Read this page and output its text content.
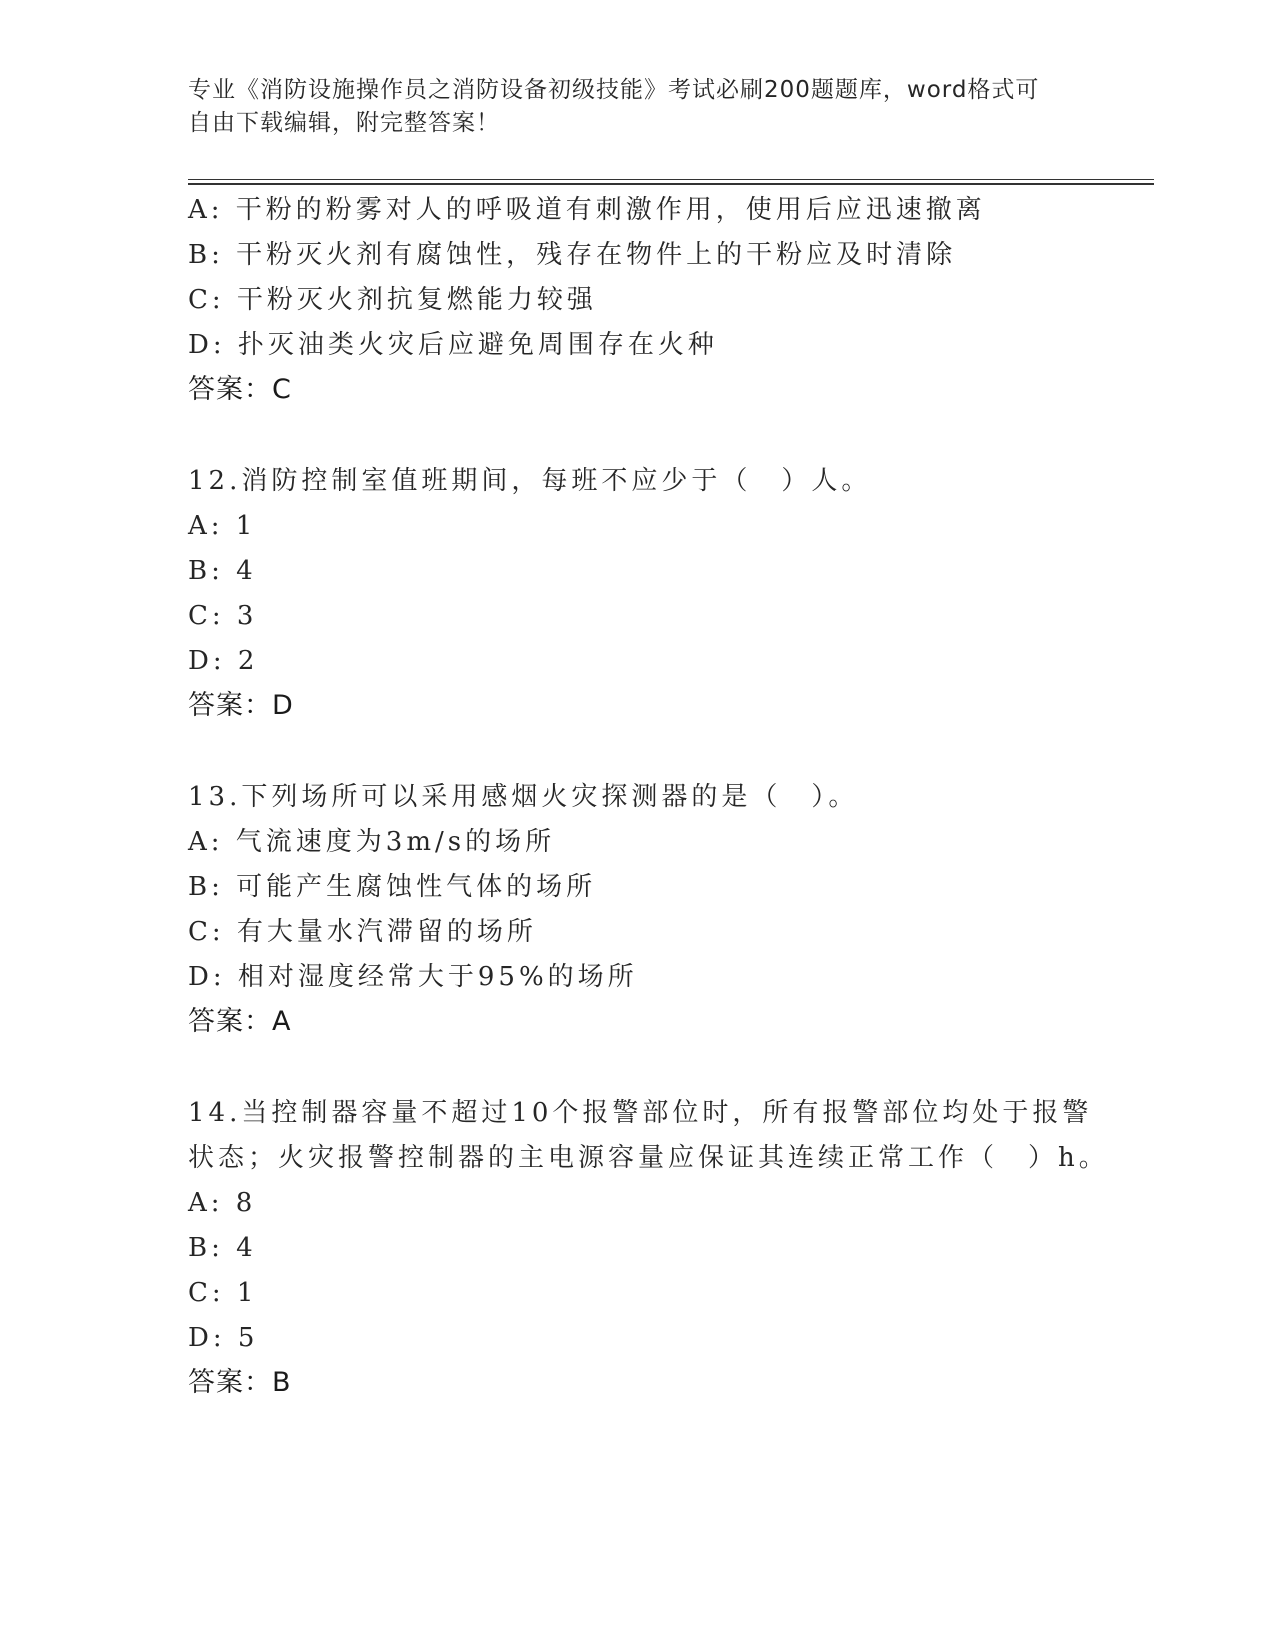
专业《消防设施操作员之消防设备初级技能》考试必刷200题题库，word格式可
自由下载编辑，附完整答案！
A: 干粉的粉雾对人的呼吸道有刺激作用，使用后应迅速撤离
B: 干粉灭火剂有腐蚀性，残存在物件上的干粉应及时清除
C: 干粉灭火剂抗复燃能力较强
D: 扑灭油类火灾后应避免周围存在火种
答案：C
12.消防控制室值班期间，每班不应少于（　）人。
A: 1
B: 4
C: 3
D: 2
答案：D
13.下列场所可以采用感烟火灾探测器的是（　）。
A: 气流速度为3m/s的场所
B: 可能产生腐蚀性气体的场所
C: 有大量水汽滞留的场所
D: 相对湿度经常大于95%的场所
答案：A
14.当控制器容量不超过10个报警部位时，所有报警部位均处于报警
状态；火灾报警控制器的主电源容量应保证其连续正常工作（　）h。
A: 8
B: 4
C: 1
D: 5
答案：B
